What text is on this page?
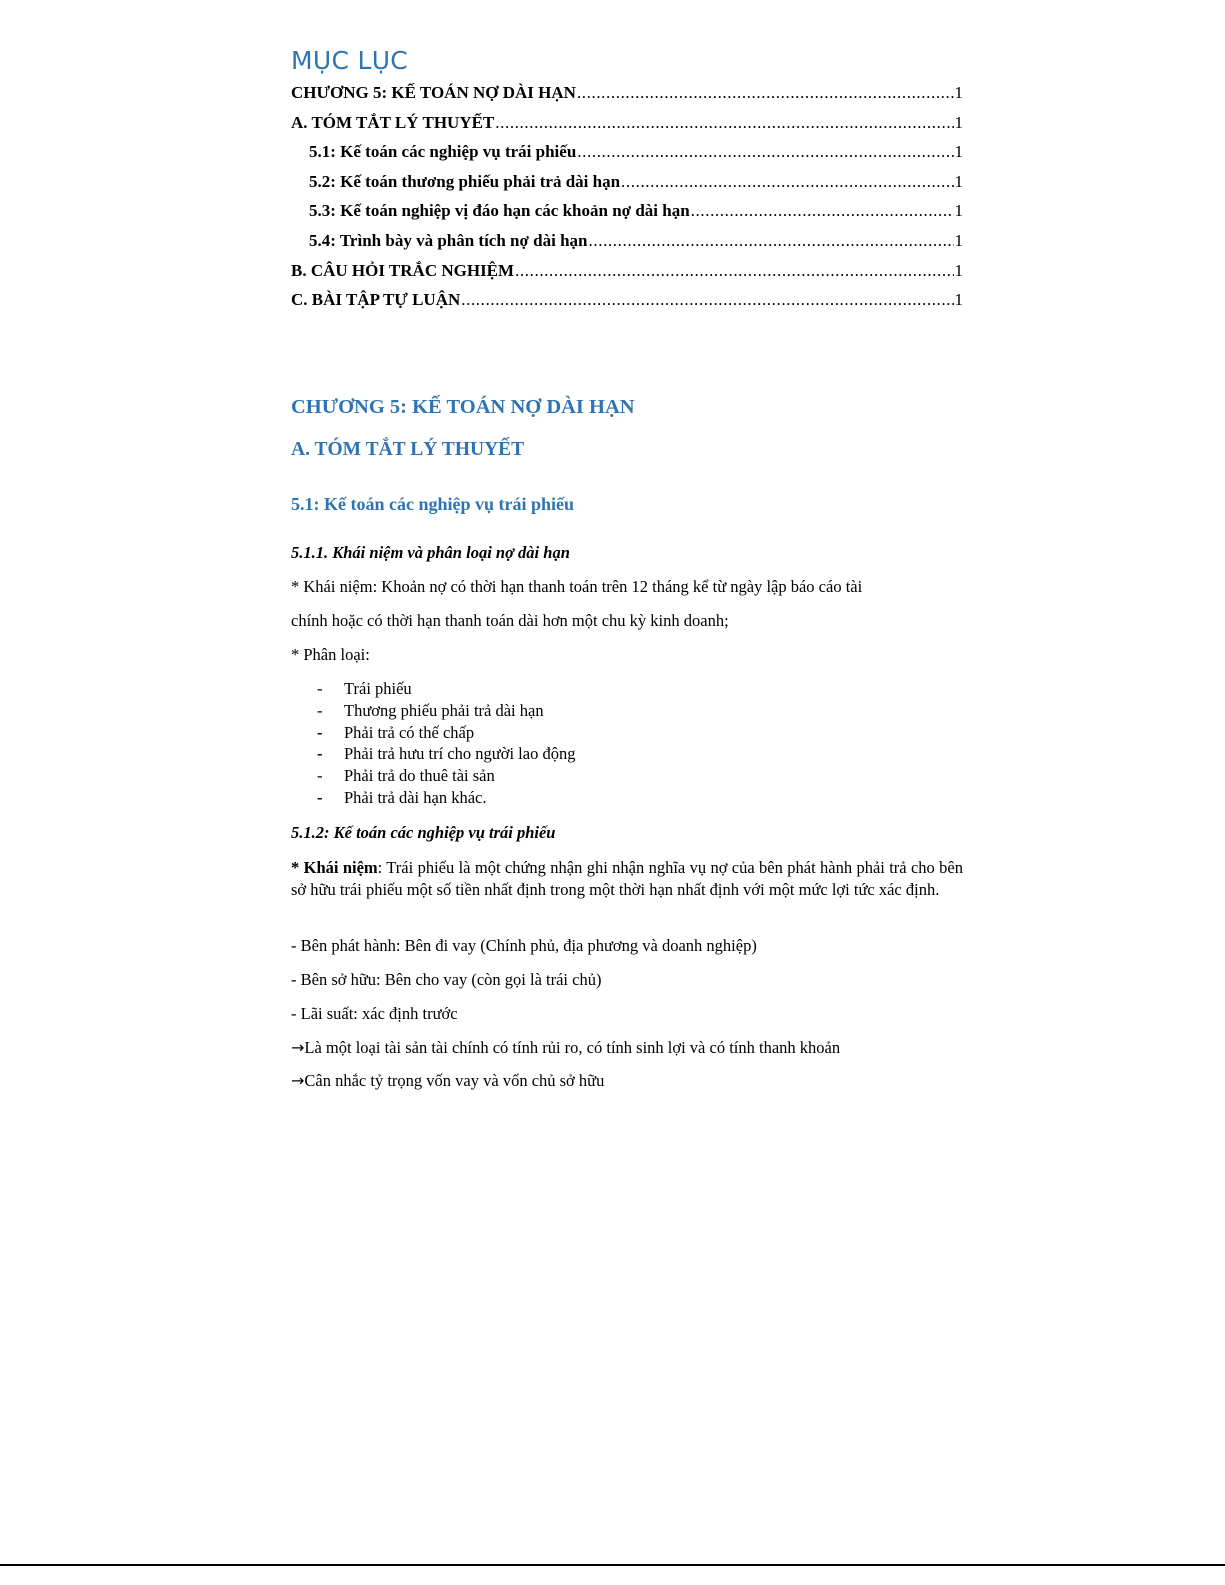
MỤC LỤC
CHƯƠNG 5: KẾ TOÁN NỢ DÀI HẠN .....	1
A. TÓM TẮT LÝ THUYẾT .....	1
5.1: Kế toán các nghiệp vụ trái phiếu .....	1
5.2: Kế toán thương phiếu phải trả dài hạn .....	1
5.3: Kế toán nghiệp vị đáo hạn các khoản nợ dài hạn .....	1
5.4: Trình bày và phân tích nợ dài hạn .....	1
B. CÂU HỎI TRẮC NGHIỆM .....	1
C. BÀI TẬP TỰ LUẬN .....	1
CHƯƠNG 5: KẾ TOÁN NỢ DÀI HẠN
A. TÓM TẮT LÝ THUYẾT
5.1: Kế toán các nghiệp vụ trái phiếu
5.1.1. Khái niệm và phân loại nợ dài hạn
* Khái niệm: Khoản nợ có thời hạn thanh toán trên 12 tháng kể từ ngày lập báo cáo tài
chính hoặc có thời hạn thanh toán dài hơn một chu kỳ kinh doanh;
* Phân loại:
- Trái phiếu
- Thương phiếu phải trả dài hạn
- Phải trả có thế chấp
- Phải trả hưu trí cho người lao động
- Phải trả do thuê tài sản
- Phải trả dài hạn khác.
5.1.2: Kế toán các nghiệp vụ trái phiếu
* Khái niệm: Trái phiếu là một chứng nhận ghi nhận nghĩa vụ nợ của bên phát hành phải trả cho bên sở hữu trái phiếu một số tiền nhất định trong một thời hạn nhất định với một mức lợi tức xác định.
- Bên phát hành: Bên đi vay (Chính phủ, địa phương và doanh nghiệp)
- Bên sở hữu: Bên cho vay (còn gọi là trái chủ)
- Lãi suất: xác định trước
→Là một loại tài sản tài chính có tính rủi ro, có tính sinh lợi và có tính thanh khoản
→Cân nhắc tỷ trọng vốn vay và vốn chủ sở hữu
